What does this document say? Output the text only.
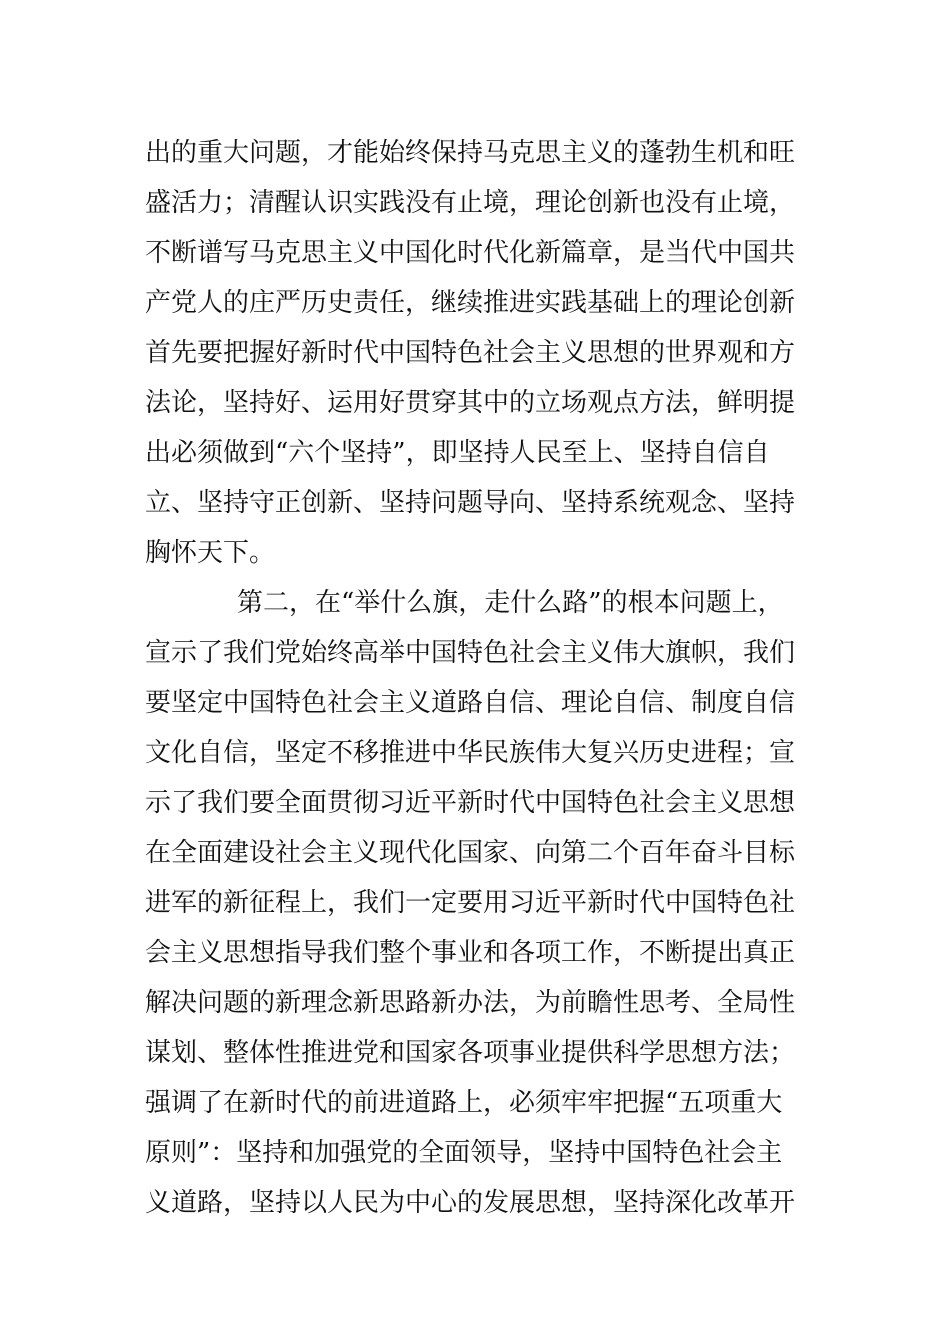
出的重大问题，才能始终保持马克思主义的蓬勃生机和旺
盛活力；清醒认识实践没有止境，理论创新也没有止境，
不断谱写马克思主义中国化时代化新篇章，是当代中国共
产党人的庄严历史责任，继续推进实践基础上的理论创新
首先要把握好新时代中国特色社会主义思想的世界观和方
法论，坚持好、运用好贯穿其中的立场观点方法，鲜明提
出必须做到“六个坚持”，即坚持人民至上、坚持自信自
立、坚持守正创新、坚持问题导向、坚持系统观念、坚持
胸怀天下。
第二，在“举什么旗，走什么路”的根本问题上，
宣示了我们党始终高举中国特色社会主义伟大旗帜，我们
要坚定中国特色社会主义道路自信、理论自信、制度自信
文化自信，坚定不移推进中华民族伟大复兴历史进程；宣
示了我们要全面贯彻习近平新时代中国特色社会主义思想
在全面建设社会主义现代化国家、向第二个百年奋斗目标
进军的新征程上，我们一定要用习近平新时代中国特色社
会主义思想指导我们整个事业和各项工作，不断提出真正
解决问题的新理念新思路新办法，为前瞻性思考、全局性
谋划、整体性推进党和国家各项事业提供科学思想方法；
强调了在新时代的前进道路上，必须牢牢把握“五项重大
原则”：坚持和加强党的全面领导，坚持中国特色社会主
义道路，坚持以人民为中心的发展思想，坚持深化改革开
